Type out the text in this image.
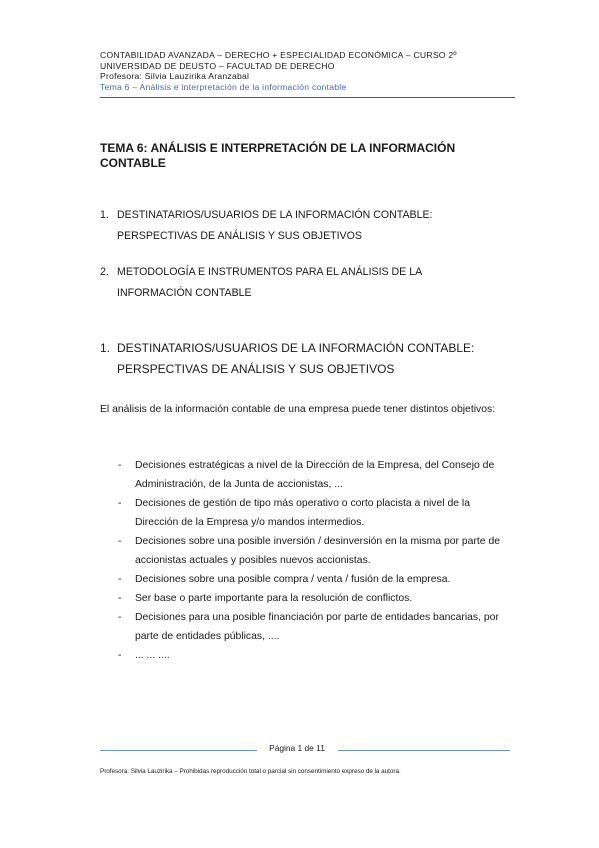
CONTABILIDAD AVANZADA – DERECHO + ESPECIALIDAD ECONÓMICA – CURSO 2º
UNIVERSIDAD DE DEUSTO – FACULTAD DE DERECHO
Profesora: Silvia Lauzirika Aranzabal
Tema 6 – Análisis e interpretación de la información contable
TEMA 6: ANÁLISIS E INTERPRETACIÓN DE LA INFORMACIÓN CONTABLE
1. DESTINATARIOS/USUARIOS DE LA INFORMACIÓN CONTABLE:
PERSPECTIVAS DE ANÁLISIS Y SUS OBJETIVOS
2. METODOLOGÍA E INSTRUMENTOS PARA EL ANÁLISIS DE LA
INFORMACIÓN CONTABLE
1. DESTINATARIOS/USUARIOS DE LA INFORMACIÓN CONTABLE:
PERSPECTIVAS DE ANÁLISIS Y SUS OBJETIVOS
El análisis de la información contable de una empresa puede tener distintos objetivos:
- Decisiones estratégicas a nivel de la Dirección de la Empresa, del Consejo de Administración, de la Junta de accionistas, ...
- Decisiones de gestión de tipo más operativo o corto placista a nivel de la Dirección de la Empresa y/o mandos intermedios.
- Decisiones sobre una posible inversión / desinversión en la misma por parte de accionistas actuales y posibles nuevos accionistas.
- Decisiones sobre una posible compra / venta / fusión de la empresa.
- Ser base o parte importante para la resolución de conflictos.
- Decisiones para una posible financiación por parte de entidades bancarias, por parte de entidades públicas, ....
- ... ... ....
Página 1 de 11
Profesora: Silvia Lauzirika – Prohibidas reproducción total o parcial sin consentimiento expreso de la autora.
